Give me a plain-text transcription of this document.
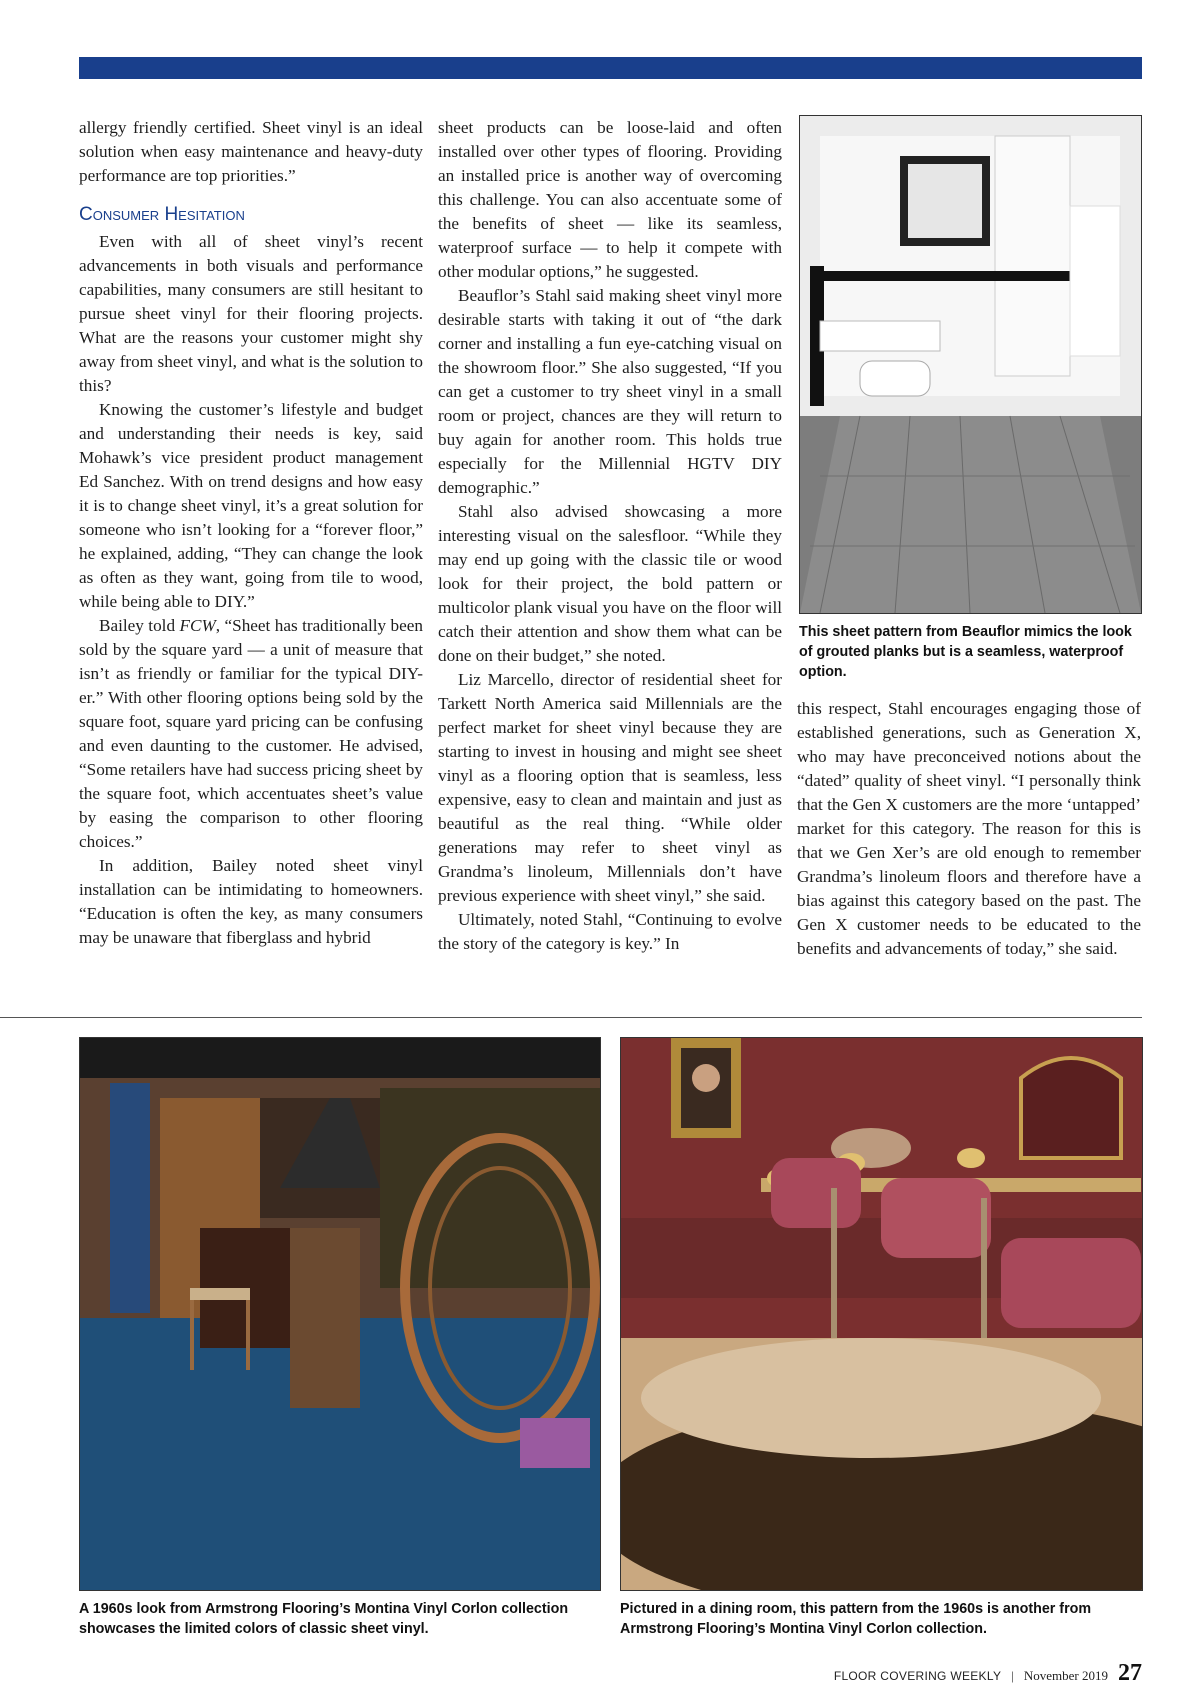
allergy friendly certified. Sheet vinyl is an ideal solution when easy maintenance and heavy-duty performance are top priorities.”

Consumer Hesitation

Even with all of sheet vinyl’s recent advancements in both visuals and performance capabilities, many consumers are still hesitant to pursue sheet vinyl for their flooring projects. What are the reasons your customer might shy away from sheet vinyl, and what is the solution to this?

Knowing the customer’s lifestyle and budget and understanding their needs is key, said Mohawk’s vice president product management Ed Sanchez. With on trend designs and how easy it is to change sheet vinyl, it’s a great solution for someone who isn’t looking for a “forever floor,” he explained, adding, “They can change the look as often as they want, going from tile to wood, while being able to DIY.”

Bailey told FCW, “Sheet has traditionally been sold by the square yard — a unit of measure that isn’t as friendly or familiar for the typical DIY-er.” With other flooring options being sold by the square foot, square yard pricing can be confusing and even daunting to the customer. He advised, “Some retailers have had success pricing sheet by the square foot, which accentuates sheet’s value by easing the comparison to other flooring choices.”

In addition, Bailey noted sheet vinyl installation can be intimidating to homeowners. “Education is often the key, as many consumers may be unaware that fiberglass and hybrid

sheet products can be loose-laid and often installed over other types of flooring. Providing an installed price is another way of overcoming this challenge. You can also accentuate some of the benefits of sheet — like its seamless, waterproof surface — to help it compete with other modular options,” he suggested.

Beauflor’s Stahl said making sheet vinyl more desirable starts with taking it out of “the dark corner and installing a fun eye-catching visual on the showroom floor.” She also suggested, “If you can get a customer to try sheet vinyl in a small room or project, chances are they will return to buy again for another room. This holds true especially for the Millennial HGTV DIY demographic.”

Stahl also advised showcasing a more interesting visual on the salesfloor. “While they may end up going with the classic tile or wood look for their project, the bold pattern or multicolor plank visual you have on the floor will catch their attention and show them what can be done on their budget,” she noted.

Liz Marcello, director of residential sheet for Tarkett North America said Millennials are the perfect market for sheet vinyl because they are starting to invest in housing and might see sheet vinyl as a flooring option that is seamless, less expensive, easy to clean and maintain and just as beautiful as the real thing. “While older generations may refer to sheet vinyl as Grandma’s linoleum, Millennials don’t have previous experience with sheet vinyl,” she said.

Ultimately, noted Stahl, “Continuing to evolve the story of the category is key.” In

This sheet pattern from Beauflor mimics the look of grouted planks but is a seamless, waterproof option.

this respect, Stahl encourages engaging those of established generations, such as Generation X, who may have preconceived notions about the “dated” quality of sheet vinyl. “I personally think that the Gen X customers are the more ‘untapped’ market for this category. The reason for this is that we Gen Xer’s are old enough to remember Grandma’s linoleum floors and therefore have a bias against this category based on the past. The Gen X customer needs to be educated to the benefits and advancements of today,” she said.

A 1960s look from Armstrong Flooring’s Montina Vinyl Corlon collection showcases the limited colors of classic sheet vinyl.
Pictured in a dining room, this pattern from the 1960s is another from Armstrong Flooring’s Montina Vinyl Corlon collection.
FLOOR COVERING WEEKLY | November 2019 27
